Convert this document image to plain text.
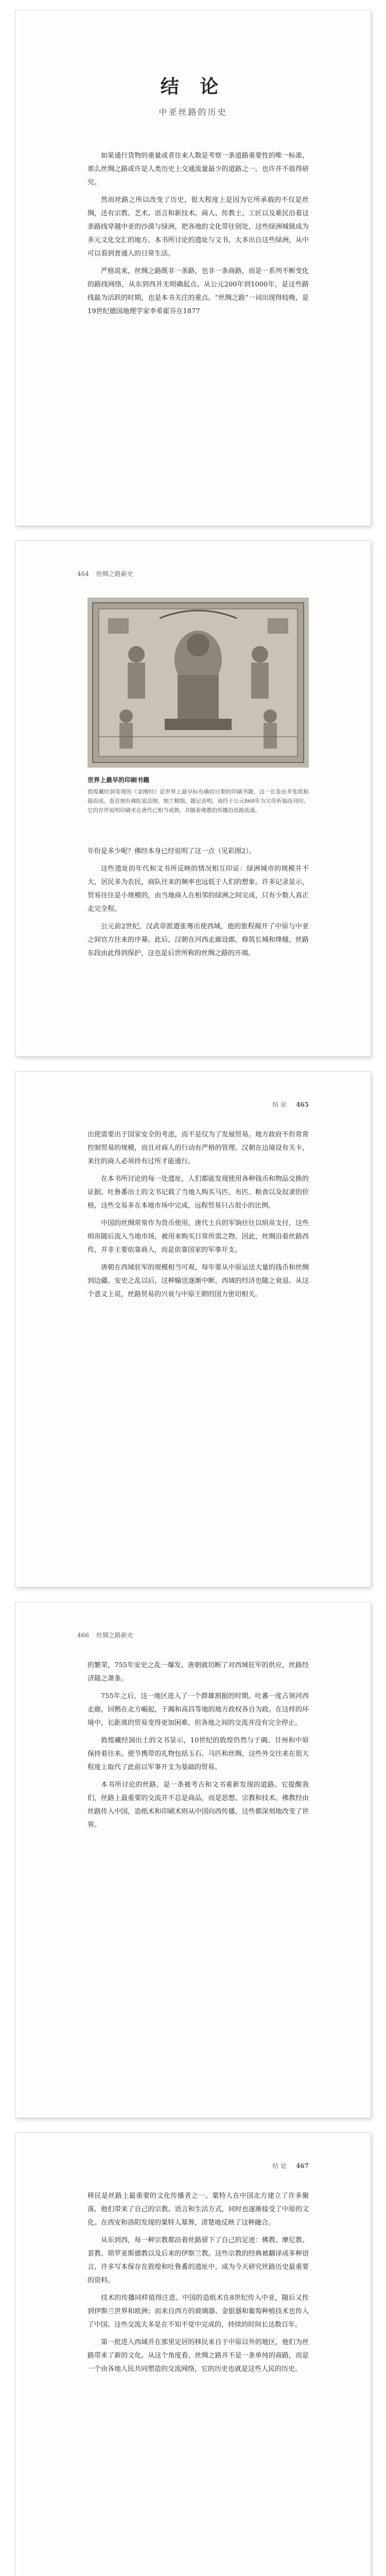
结 论
中亚丝路的历史

如果通行货物的重量或者往来人数是考察一条道路重要性的唯一标准，那么丝绸之路或许是人类历史上交通流量最少的道路之一。也许并不值得研究。

然而丝路之所以改变了历史，很大程度上是因为它所承载的不仅是丝绸，还有宗教、艺术、语言和新技术。商人、传教士、工匠以及难民沿着这条路线穿越中亚的沙漠与绿洲，把各地的文化带往别处，这些绿洲城镇成为多元文化交汇的地方。本书所讨论的遗址与文书，大多出自这些绿洲，从中可以看到普通人的日常生活。

严格说来，丝绸之路既非一条路，也非一条商路，而是一系列不断变化的路线网络，从东到西并无明确起点。从公元200年到1000年，是这些路线最为活跃的时期，也是本书关注的重点。“丝绸之路”一词出现得较晚，是19世纪德国地理学家李希霍芬在1877

464 丝绸之路新史
世界上最早的印刷书籍
敦煌藏经洞发现的《金刚经》是世界上最早标有确切日期的印刷书籍，这一长卷由多张纸粘接而成，卷首刻有佛陀说法图，刻工精细。题记表明，该经于公元868年为父母祈福而刊印。它的存世说明印刷术在唐代已相当成熟，并随着佛教的传播沿丝路流通。

年份是多少呢？佛经本身已经说明了这一点（见彩图2）。

这些遗址的年代和文书所反映的情况相互印证：绿洲城市的规模并不大，居民多为农民，商队往来的频率也远低于人们的想象。许多记录显示，贸易往往是小规模的，由当地商人在相邻的绿洲之间完成，只有少数人真正走完全程。

公元前2世纪，汉武帝派遣张骞出使西域，他的旅程揭开了中原与中亚之间官方往来的序幕。此后，汉朝在河西走廊设郡，修筑长城和烽燧，丝路东段由此得到保护，这也是后世所称的丝绸之路的开端。

结 论 465

出使需要出于国家安全的考虑，而不是仅为了发展贸易。地方政府不但常常控制贸易的规模，而且对商人的行动有严格的管理。汉朝在边境设有关卡，来往的商人必须持有过所才能通行。

在本书所讨论的每一处遗址，人们都能发现使用各种钱币和物品交换的证据。吐鲁番出土的文书记载了当地人购买马匹、布匹、粮食以及奴隶的价格，这些交易多在本地市场中完成，远程贸易只占很小的比例。

中国的丝绸常常作为货币使用。唐代士兵的军饷往往以绢帛支付，这些绢帛随后流入当地市场，被用来购买日常所需之物。因此，丝绸沿着丝路西传，并非主要依靠商人，而是依靠国家的军事开支。

唐朝在西域驻军的规模相当可观，每年要从中原运送大量的钱币和丝绸到边疆。安史之乱以后，这种输送逐渐中断，西域的经济也随之衰退。从这个意义上说，丝路贸易的兴衰与中原王朝的国力密切相关。

466 丝绸之路新史

的繁荣，755年安史之乱一爆发，唐朝就切断了对西域驻军的供应，丝路经济随之萧条。

755年之后，这一地区进入了一个群雄割据的时期。吐蕃一度占领河西走廊，回鹘在北方崛起，于阗和高昌等地的地方政权各自为政。在这样的环境中，长距离的贸易变得更加困难，但各地之间的交流并没有完全停止。

敦煌藏经洞出土的文书显示，10世纪的敦煌仍然与于阗、甘州和中原保持着往来。使节携带的礼物包括玉石、马匹和丝绸，这些外交往来在很大程度上取代了此前以军事开支为基础的贸易。

本书所讨论的丝路，是一条被考古和文书重新发现的道路。它提醒我们，丝路上最重要的交流并不总是商品，而是思想、宗教和技术。佛教经由丝路传入中国，造纸术和印刷术则从中国向西传播，这些都深刻地改变了世界。

结 论 467

移民是丝路上最重要的文化传播者之一。粟特人在中国北方建立了许多聚落，他们带来了自己的宗教、语言和生活方式，同时也逐渐接受了中原的文化。在西安和洛阳发现的粟特人墓葬，清楚地反映了这种融合。

从东到西，每一种宗教都沿着丝路留下了自己的足迹：佛教、摩尼教、景教、琐罗亚斯德教以及后来的伊斯兰教。这些宗教的经典被翻译成多种语言，许多写本保存在敦煌和吐鲁番的遗址中，成为今天研究丝路历史最重要的资料。

技术的传播同样值得注意。中国的造纸术在8世纪传入中亚，随后又传到伊斯兰世界和欧洲；而来自西方的玻璃器、金银器和葡萄种植技术也传入了中国。这些交流大多是在不知不觉中完成的，持续的时间长达数百年。

第一批进入西域并在那里定居的移民来自于中原以外的地区，他们为丝路带来了新的文化。从这个角度看，丝绸之路并不是一条单纯的商路，而是一个由各地人民共同塑造的交流网络，它的历史也就是这些人民的历史。
